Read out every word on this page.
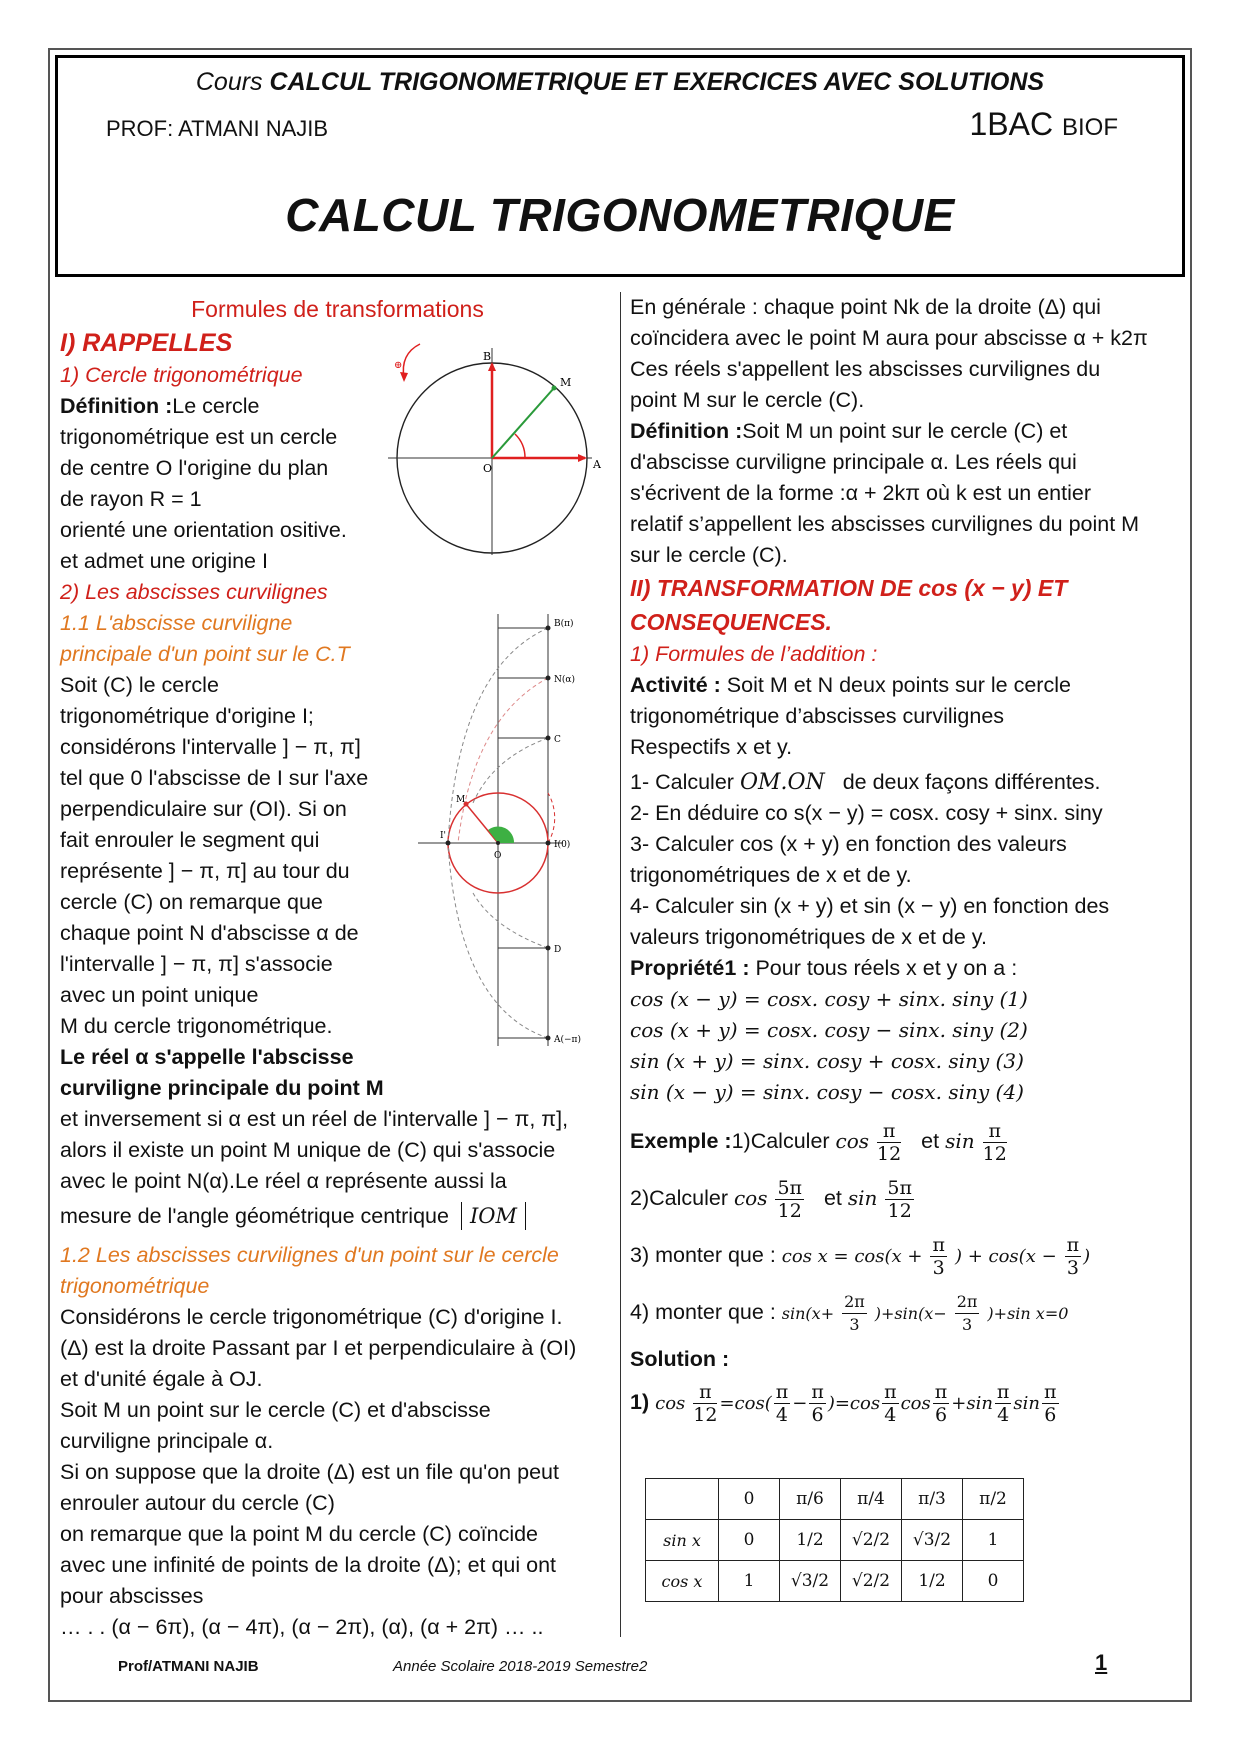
Cours CALCUL TRIGONOMETRIQUE ET EXERCICES AVEC SOLUTIONS
PROF: ATMANI NAJIB	1BAC BIOF
CALCUL TRIGONOMETRIQUE

Formules de transformations

I) RAPPELLES

1) Cercle trigonométrique

Définition :Le cercle

trigonométrique est un cercle

de centre O l'origine du plan

de rayon R = 1

orienté une orientation ositive.

et admet une origine I

2) Les abscisses curvilignes

1.1 L'abscisse curviligne

principale d'un point sur le C.T

Soit (C) le cercle

trigonométrique d'origine I;

considérons l'intervalle ] − π, π]

tel que 0 l'abscisse de I sur l'axe

perpendiculaire sur (OI). Si on

fait enrouler le segment qui

représente ] − π, π] au tour du

cercle (C) on remarque que

chaque point N d'abscisse α de

l'intervalle ] − π, π] s'associe

avec un point unique

M du cercle trigonométrique.

Le réel α s'appelle l'abscisse

curviligne principale du point M

et inversement si α est un réel de l'intervalle ] − π, π],

alors il existe un point M unique de (C) qui s'associe

avec le point N(α).Le réel α représente aussi la

mesure de l'angle géométrique centrique IOM

1.2 Les abscisses curvilignes d'un point sur le cercle trigonométrique

Considérons le cercle trigonométrique (C) d'origine I.

(Δ) est la droite Passant par I et perpendiculaire à (OI)

et d'unité égale à OJ.

Soit M un point sur le cercle (C) et d'abscisse

curviligne principale α.

Si on suppose que la droite (Δ) est un file qu'on peut

enrouler autour du cercle (C)

on remarque que la point M du cercle (C) coïncide

avec une infinité de points de la droite (Δ); et qui ont

pour abscisses

… . . (α − 6π), (α − 4π), (α − 2π), (α), (α + 2π) … ..

⊕
B
M
O	A
B(π)
N(α)
C
I(0)
D
A(−π)
I'
M
O

En générale : chaque point Nk de la droite (Δ) qui

coïncidera avec le point M aura pour abscisse α + k2π

Ces réels s'appellent les abscisses curvilignes du

point M sur le cercle (C).

Définition :Soit M un point sur le cercle (C) et

d'abscisse curviligne principale α. Les réels qui

s'écrivent de la forme :α + 2kπ où k est un entier

relatif s’appellent les abscisses curvilignes du point M

sur le cercle (C).

II) TRANSFORMATION DE cos (x − y) ET

CONSEQUENCES.

1) Formules de l’addition :

Activité : Soit M et N deux points sur le cercle

trigonométrique d’abscisses curvilignes

Respectifs x et y.

1- Calculer OM.ON de deux façons différentes.

2- En déduire co s(x − y) = cosx. cosy + sinx. siny

3- Calculer cos (x + y) en fonction des valeurs

trigonométriques de x et de y.

4- Calculer sin (x + y) et sin (x − y) en fonction des

valeurs trigonométriques de x et de y.

Propriété1 : Pour tous réels x et y on a :

cos (x − y) = cosx. cosy + sinx. siny (1)

cos (x + y) = cosx. cosy − sinx. siny (2)

sin (x + y) = sinx. cosy + cosx. siny (3)

sin (x − y) = sinx. cosy − cosx. siny (4)

Exemple :1)Calculer $\cos \frac{\pi}{12}$ et $\sin \frac{\pi}{12}$

2)Calculer $\cos \frac{5\pi}{12}$ et $\sin \frac{5\pi}{12}$

3) monter que : $\cos x = \cos(x + \frac{\pi}{3}$ ) + $\cos(x - \frac{\pi}{3}$ )

4) monter que : $\sin(x+ \frac{2\pi}{3} )+\sin(x- \frac{2\pi}{3} )+\sin$ x=0

Solution :

1) $\cos \frac{\pi}{12} =\cos( \frac{\pi}{4} - \frac{\pi}{6} )=\cos \frac{\pi}{4}$ $\cos \frac{\pi}{6} +\sin \frac{\pi}{4}$ $\sin \frac{\pi}{6}$

	0	π/6	π/4	π/3	π/2
sin x	0	1/2	√2/2	√3/2	1
cos x	1	√3/2	√2/2	1/2	0
Prof/ATMANI NAJIB	Année Scolaire 2018-2019 Semestre2	1
